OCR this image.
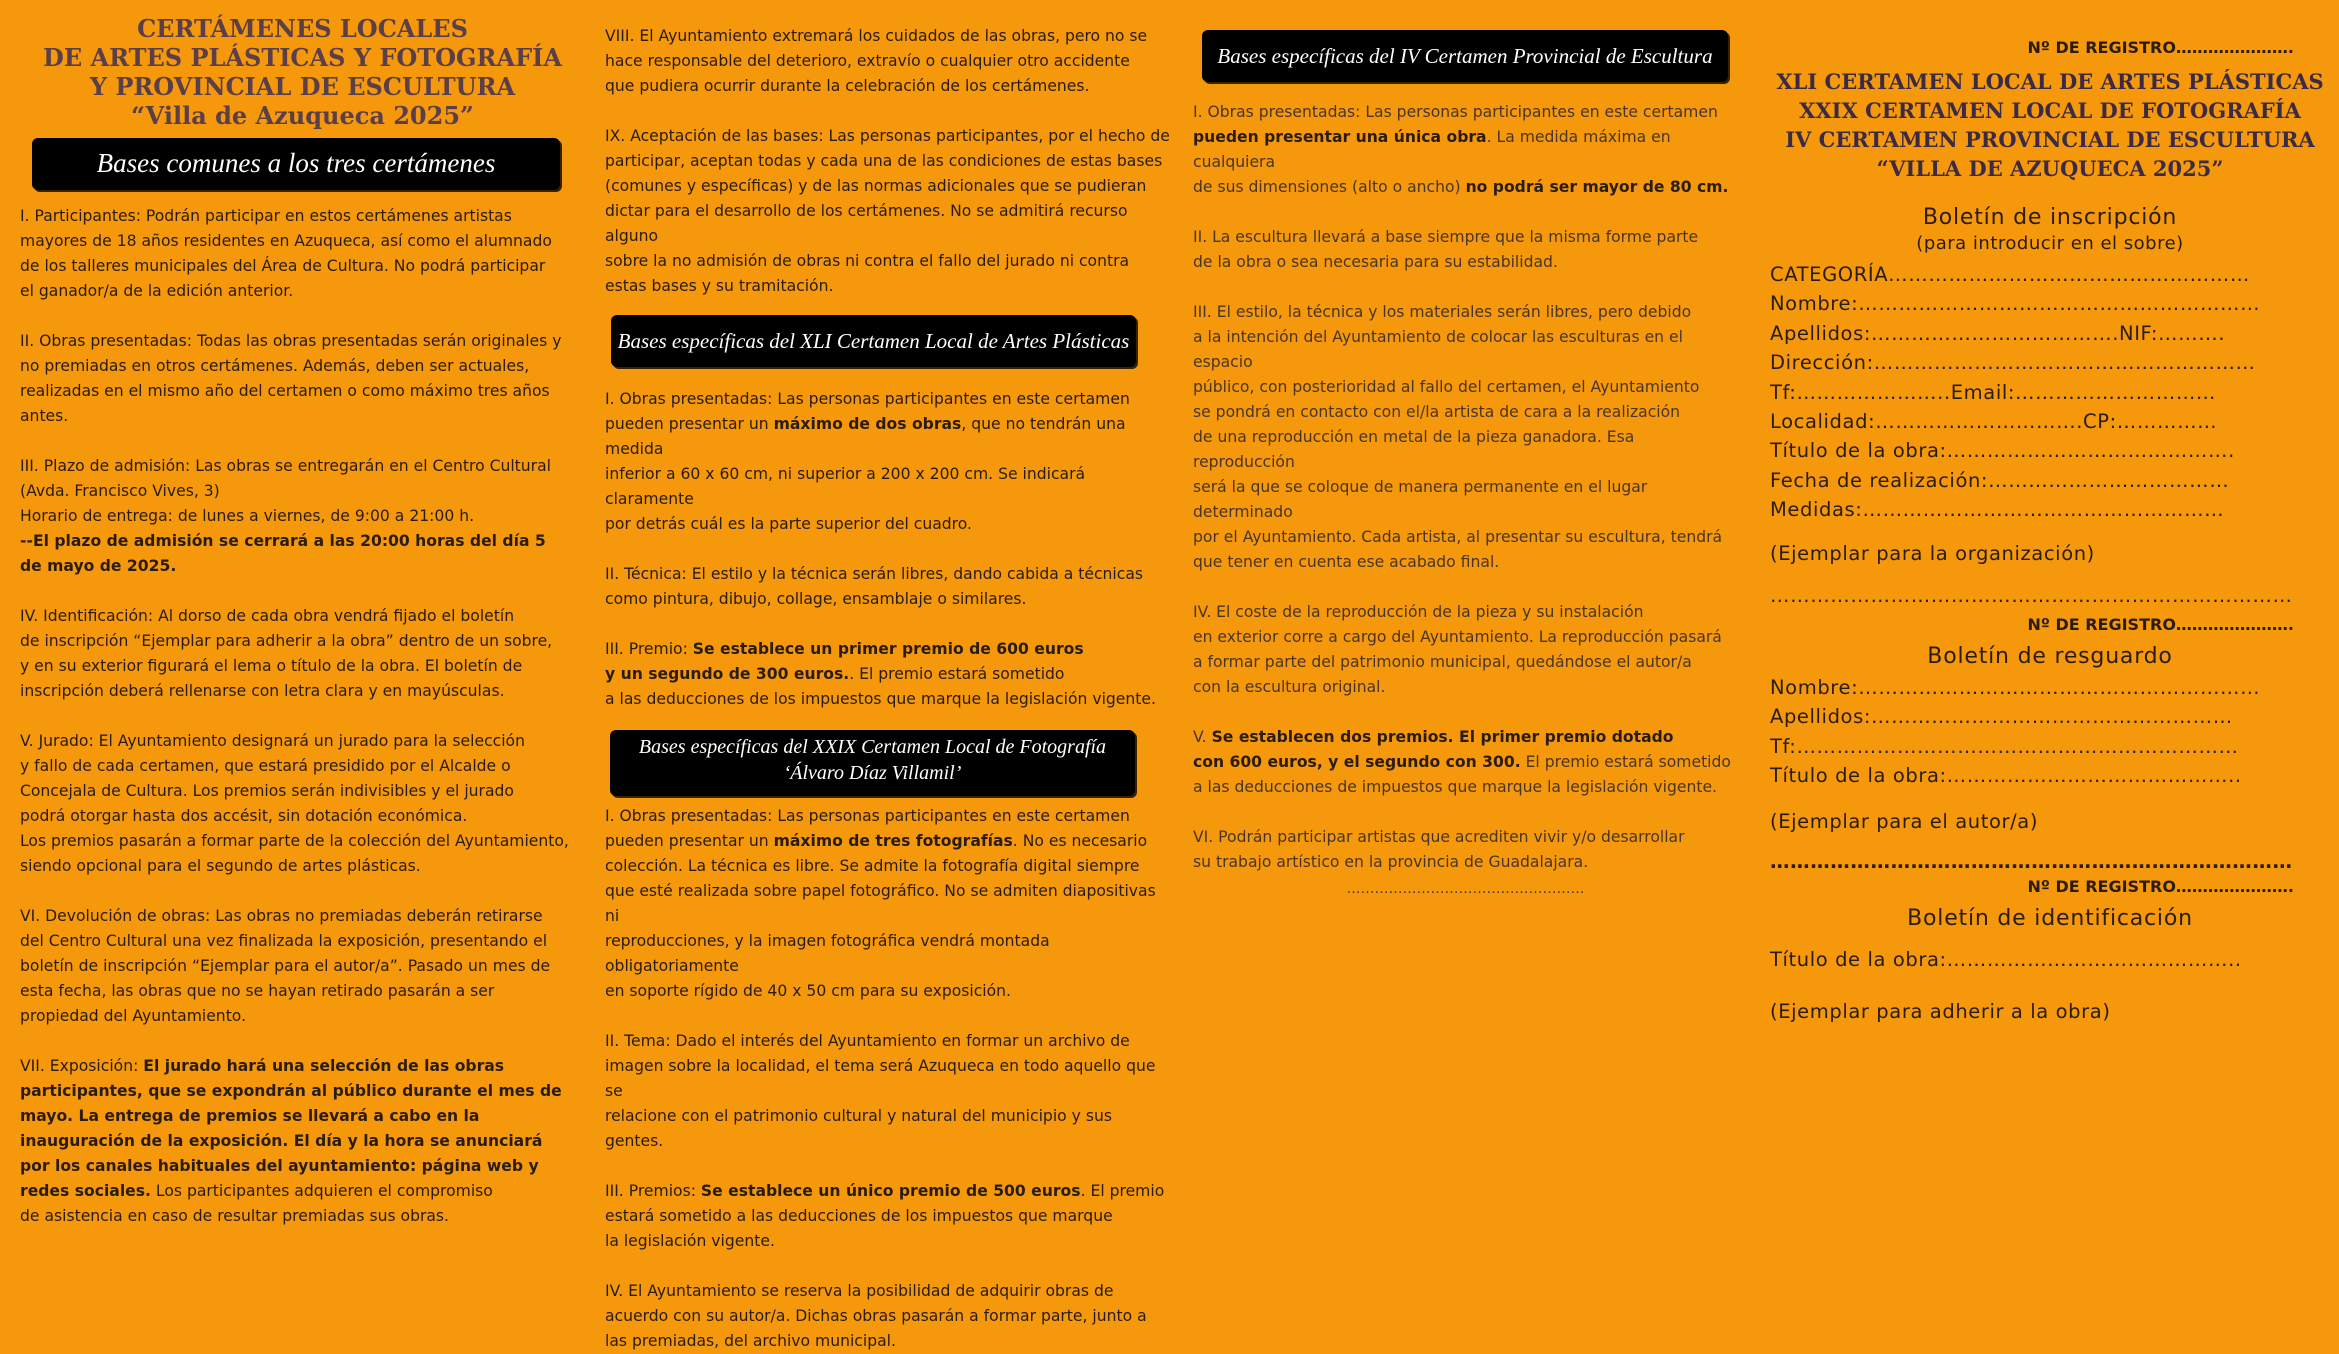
CERTÁMENES LOCALES
DE ARTES PLÁSTICAS Y FOTOGRAFÍA
Y PROVINCIAL DE ESCULTURA
“Villa de Azuqueca 2025”
Bases comunes a los tres certámenes

I. Participantes: Podrán participar en estos certámenes artistas
mayores de 18 años residentes en Azuqueca, así como el alumnado
de los talleres municipales del Área de Cultura. No podrá participar
el ganador/a de la edición anterior.

II. Obras presentadas: Todas las obras presentadas serán originales y
no premiadas en otros certámenes. Además, deben ser actuales,
realizadas en el mismo año del certamen o como máximo tres años antes.

III. Plazo de admisión: Las obras se entregarán en el Centro Cultural
(Avda. Francisco Vives, 3)
Horario de entrega: de lunes a viernes, de 9:00 a 21:00 h.

--El plazo de admisión se cerrará a las 20:00 horas del día 5
de mayo de 2025.

IV. Identificación: Al dorso de cada obra vendrá fijado el boletín
de inscripción “Ejemplar para adherir a la obra” dentro de un sobre,
y en su exterior figurará el lema o título de la obra. El boletín de
inscripción deberá rellenarse con letra clara y en mayúsculas.

V. Jurado: El Ayuntamiento designará un jurado para la selección
y fallo de cada certamen, que estará presidido por el Alcalde o
Concejala de Cultura. Los premios serán indivisibles y el jurado
podrá otorgar hasta dos accésit, sin dotación económica.
Los premios pasarán a formar parte de la colección del Ayuntamiento,
siendo opcional para el segundo de artes plásticas.

VI. Devolución de obras: Las obras no premiadas deberán retirarse
del Centro Cultural una vez finalizada la exposición, presentando el
boletín de inscripción “Ejemplar para el autor/a”. Pasado un mes de
esta fecha, las obras que no se hayan retirado pasarán a ser
propiedad del Ayuntamiento.

VII. Exposición: El jurado hará una selección de las obras
participantes, que se expondrán al público durante el mes de
mayo. La entrega de premios se llevará a cabo en la
inauguración de la exposición. El día y la hora se anunciará
por los canales habituales del ayuntamiento: página web y
redes sociales. Los participantes adquieren el compromiso
de asistencia en caso de resultar premiadas sus obras.

VIII. El Ayuntamiento extremará los cuidados de las obras, pero no se
hace responsable del deterioro, extravío o cualquier otro accidente
que pudiera ocurrir durante la celebración de los certámenes.

IX. Aceptación de las bases: Las personas participantes, por el hecho de
participar, aceptan todas y cada una de las condiciones de estas bases
(comunes y específicas) y de las normas adicionales que se pudieran
dictar para el desarrollo de los certámenes. No se admitirá recurso alguno
sobre la no admisión de obras ni contra el fallo del jurado ni contra
estas bases y su tramitación.

Bases específicas del XLI Certamen Local de Artes Plásticas

I. Obras presentadas: Las personas participantes en este certamen
pueden presentar un máximo de dos obras, que no tendrán una medida
inferior a 60 x 60 cm, ni superior a 200 x 200 cm. Se indicará claramente
por detrás cuál es la parte superior del cuadro.

II. Técnica: El estilo y la técnica serán libres, dando cabida a técnicas
como pintura, dibujo, collage, ensamblaje o similares.

III. Premio: Se establece un primer premio de 600 euros
y un segundo de 300 euros.. El premio estará sometido
a las deducciones de los impuestos que marque la legislación vigente.

Bases específicas del XXIX Certamen Local de Fotografía
‘Álvaro Díaz Villamil’

I. Obras presentadas: Las personas participantes en este certamen
pueden presentar un máximo de tres fotografías. No es necesario
colección. La técnica es libre. Se admite la fotografía digital siempre
que esté realizada sobre papel fotográfico. No se admiten diapositivas ni
reproducciones, y la imagen fotográfica vendrá montada obligatoriamente
en soporte rígido de 40 x 50 cm para su exposición.

II. Tema: Dado el interés del Ayuntamiento en formar un archivo de
imagen sobre la localidad, el tema será Azuqueca en todo aquello que se
relacione con el patrimonio cultural y natural del municipio y sus gentes.

III. Premios: Se establece un único premio de 500 euros. El premio
estará sometido a las deducciones de los impuestos que marque
la legislación vigente.

IV. El Ayuntamiento se reserva la posibilidad de adquirir obras de
acuerdo con su autor/a. Dichas obras pasarán a formar parte, junto a
las premiadas, del archivo municipal.

Bases específicas del IV Certamen Provincial de Escultura

I. Obras presentadas: Las personas participantes en este certamen
pueden presentar una única obra. La medida máxima en cualquiera
de sus dimensiones (alto o ancho) no podrá ser mayor de 80 cm.

II. La escultura llevará a base siempre que la misma forme parte
de la obra o sea necesaria para su estabilidad.

III. El estilo, la técnica y los materiales serán libres, pero debido
a la intención del Ayuntamiento de colocar las esculturas en el espacio
público, con posterioridad al fallo del certamen, el Ayuntamiento
se pondrá en contacto con el/la artista de cara a la realización
de una reproducción en metal de la pieza ganadora. Esa reproducción
será la que se coloque de manera permanente en el lugar determinado
por el Ayuntamiento. Cada artista, al presentar su escultura, tendrá
que tener en cuenta ese acabado final.

IV. El coste de la reproducción de la pieza y su instalación
en exterior corre a cargo del Ayuntamiento. La reproducción pasará
a formar parte del patrimonio municipal, quedándose el autor/a
con la escultura original.

V. Se establecen dos premios. El primer premio dotado
con 600 euros, y el segundo con 300. El premio estará sometido
a las deducciones de impuestos que marque la legislación vigente.

VI. Podrán participar artistas que acrediten vivir y/o desarrollar
su trabajo artístico en la provincia de Guadalajara.

……………………………………………
Nº DE REGISTRO………………….
XLI CERTAMEN LOCAL DE ARTES PLÁSTICAS
XXIX CERTAMEN LOCAL DE FOTOGRAFÍA
IV CERTAMEN PROVINCIAL DE ESCULTURA
“VILLA DE AZUQUECA 2025”
Boletín de inscripción
(para introducir en el sobre)
CATEGORÍA………………………………………………
Nombre:……………………………………………………
Apellidos:……………………………….NIF:……….
Dirección:…………………………………………………
Tf:…………………..Email:…………………………
Localidad:………………………….CP:……………
Título de la obra:…………………………………….
Fecha de realización:………………………………
Medidas:………………………………………………
(Ejemplar para la organización)
……………………………………………………………………
Nº DE REGISTRO………………….
Boletín de resguardo
Nombre:……………………………………………………
Apellidos:………………………………………………
Tf:…………………………………………………………
Título de la obra:……………………………………..
(Ejemplar para el autor/a)
……………………………………………………………………
Nº DE REGISTRO………………….
Boletín de identificación
Título de la obra:……………………………………..
(Ejemplar para adherir a la obra)
